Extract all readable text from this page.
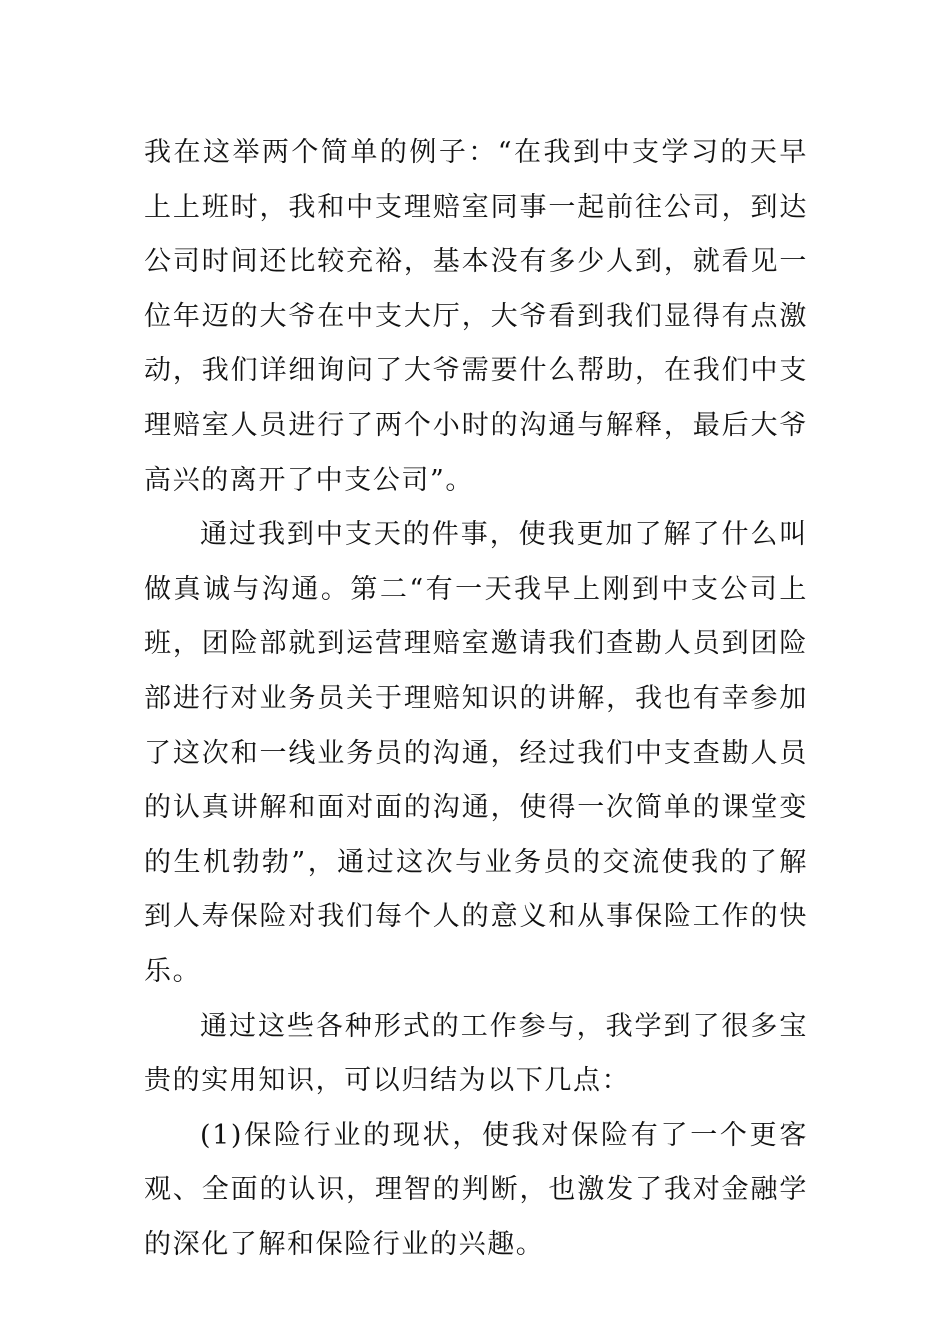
我在这举两个简单的例子：“在我到中支学习的天早上上班时，我和中支理赔室同事一起前往公司，到达公司时间还比较充裕，基本没有多少人到，就看见一位年迈的大爷在中支大厅，大爷看到我们显得有点激动，我们详细询问了大爷需要什么帮助，在我们中支理赔室人员进行了两个小时的沟通与解释，最后大爷高兴的离开了中支公司”。

通过我到中支天的件事，使我更加了解了什么叫做真诚与沟通。第二“有一天我早上刚到中支公司上班，团险部就到运营理赔室邀请我们查勘人员到团险部进行对业务员关于理赔知识的讲解，我也有幸参加了这次和一线业务员的沟通，经过我们中支查勘人员的认真讲解和面对面的沟通，使得一次简单的课堂变的生机勃勃”，通过这次与业务员的交流使我的了解到人寿保险对我们每个人的意义和从事保险工作的快乐。

通过这些各种形式的工作参与，我学到了很多宝贵的实用知识，可以归结为以下几点：

(1)保险行业的现状，使我对保险有了一个更客观、全面的认识，理智的判断，也激发了我对金融学的深化了解和保险行业的兴趣。
